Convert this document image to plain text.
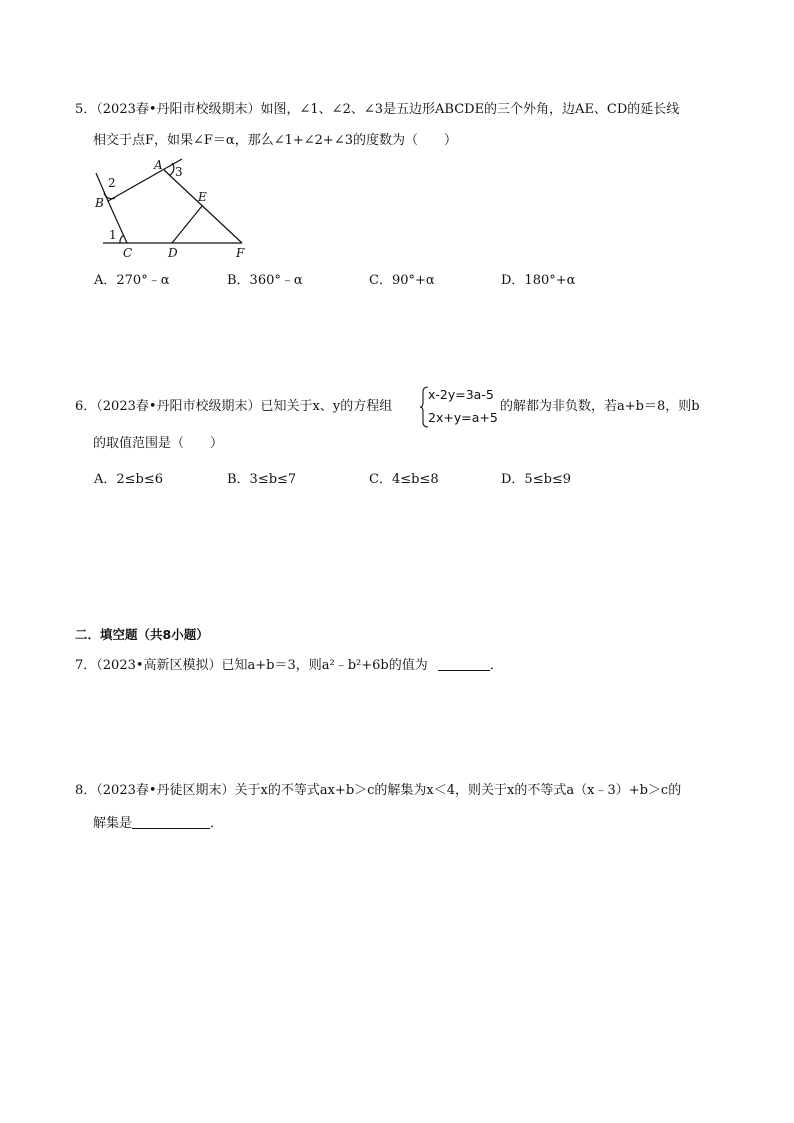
5．（2023春•丹阳市校级期末）如图，∠1、∠2、∠3是五边形ABCDE的三个外角，边AE、CD的延长线
相交于点F，如果∠F＝α，那么∠1+∠2+∠3的度数为（　　）
A 3
2
B	E
1
C	D	F
A．270°﹣α	B．360°﹣α	C．90°+α	D．180°+α
6．（2023春•丹阳市校级期末）已知关于x、y的方程组
x-2y=3a-5
2x+y=a+5
的解都为非负数，若a+b＝8，则b
的取值范围是（　　）
A．2≤b≤6	B．3≤b≤7	C．4≤b≤8	D．5≤b≤9
二．填空题（共8小题）
7．（2023•高新区模拟）已知a+b＝3，则a²﹣b²+6b的值为	．
8．（2023春•丹徒区期末）关于x的不等式ax+b＞c的解集为x＜4，则关于x的不等式a（x﹣3）+b＞c的
解集是	．
